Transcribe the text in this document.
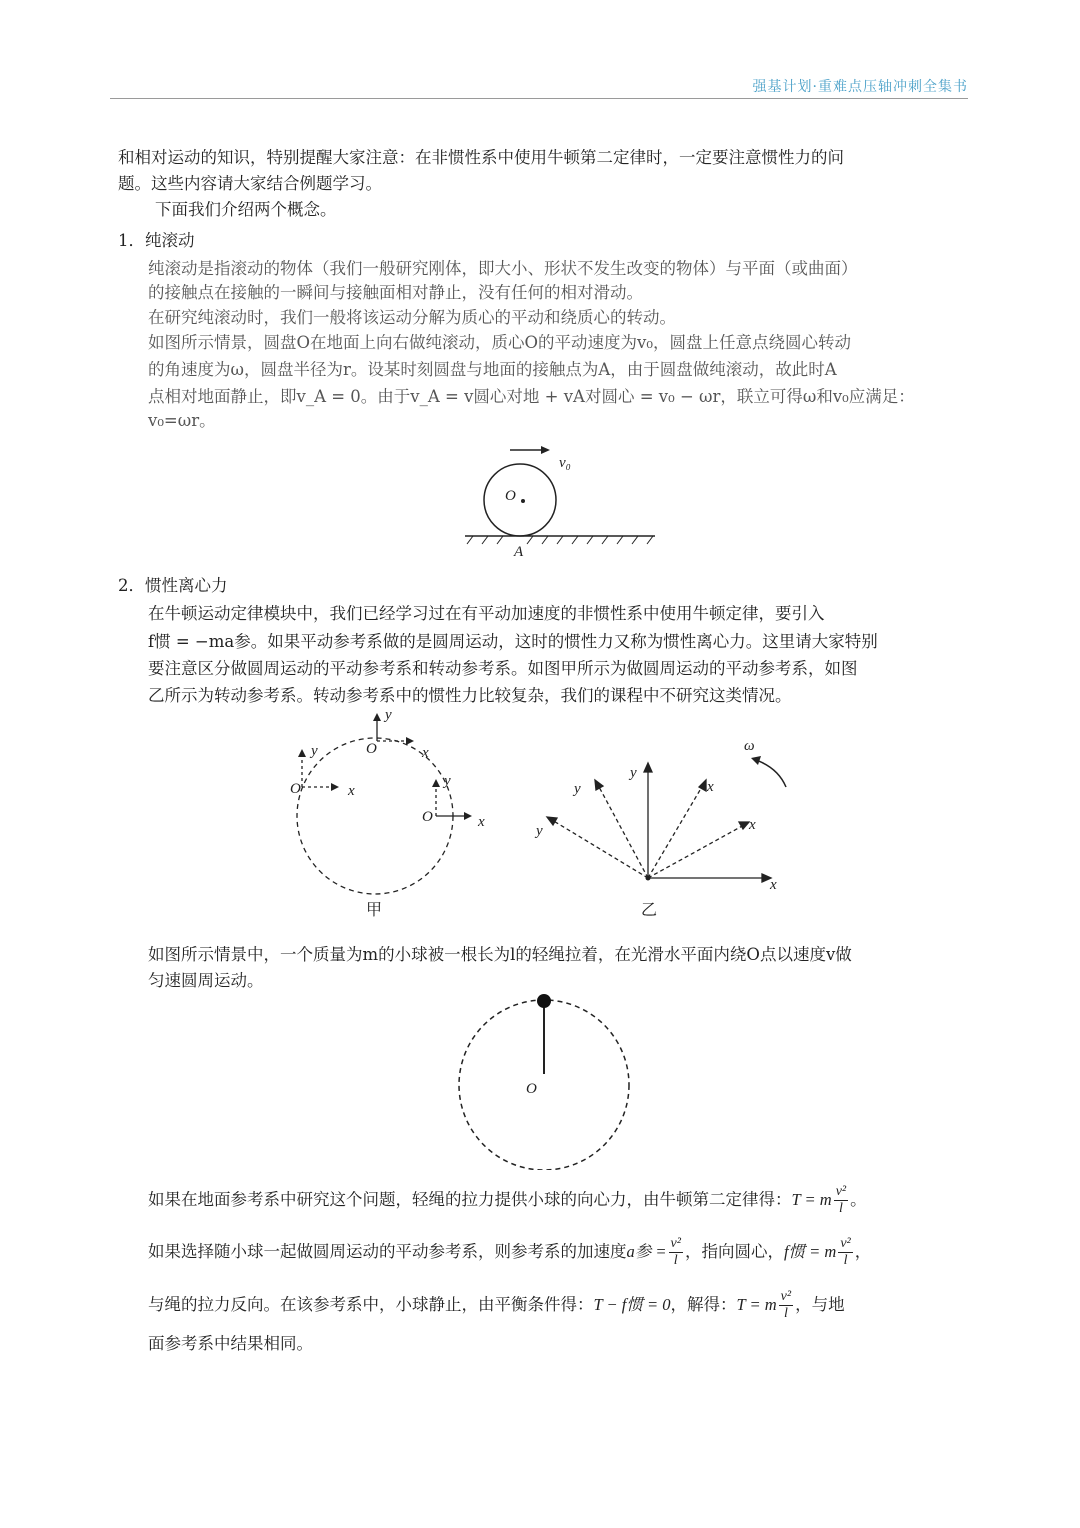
强基计划·重难点压轴冲刺全集书
和相对运动的知识，特别提醒大家注意：在非惯性系中使用牛顿第二定律时，一定要注意惯性力的问
题。这些内容请大家结合例题学习。
下面我们介绍两个概念。
1．纯滚动
纯滚动是指滚动的物体（我们一般研究刚体，即大小、形状不发生改变的物体）与平面（或曲面）
的接触点在接触的一瞬间与接触面相对静止，没有任何的相对滑动。
在研究纯滚动时，我们一般将该运动分解为质心的平动和绕质心的转动。
如图所示情景，圆盘O在地面上向右做纯滚动，质心O的平动速度为v₀，圆盘上任意点绕圆心转动
的角速度为ω，圆盘半径为r。设某时刻圆盘与地面的接触点为A，由于圆盘做纯滚动，故此时A
点相对地面静止，即v_A = 0。由于v_A = v圆心对地 + vA对圆心 = v₀ − ωr，联立可得ω和v₀应满足：v₀=ωr。
v₀
O
A
2．惯性离心力
在牛顿运动定律模块中，我们已经学习过在有平动加速度的非惯性系中使用牛顿定律，要引入
f惯 = −ma参。如果平动参考系做的是圆周运动，这时的惯性力又称为惯性离心力。这里请大家特别
要注意区分做圆周运动的平动参考系和转动参考系。如图甲所示为做圆周运动的平动参考系，如图
乙所示为转动参考系。转动参考系中的惯性力比较复杂，我们的课程中不研究这类情况。
y
x
O
y
x
O	y
x
O
甲
y
x
y	x
y	x
ω
乙
如图所示情景中，一个质量为m的小球被一根长为l的轻绳拉着，在光滑水平面内绕O点以速度v做
匀速圆周运动。
O
如果在地面参考系中研究这个问题，轻绳的拉力提供小球的向心力，由牛顿第二定律得： T = m $\frac{\text{v²}}{l}$ 。
如果选择随小球一起做圆周运动的平动参考系，则参考系的加速度 a参 = $\frac{\text{v²}}{l}$ ，指向圆心， f惯 = m $\frac{\text{v²}}{l}$ ，
与绳的拉力反向。在该参考系中，小球静止，由平衡条件得： T − f惯 = 0 ，解得： T = m $\frac{\text{v²}}{l}$ ，与地
面参考系中结果相同。
